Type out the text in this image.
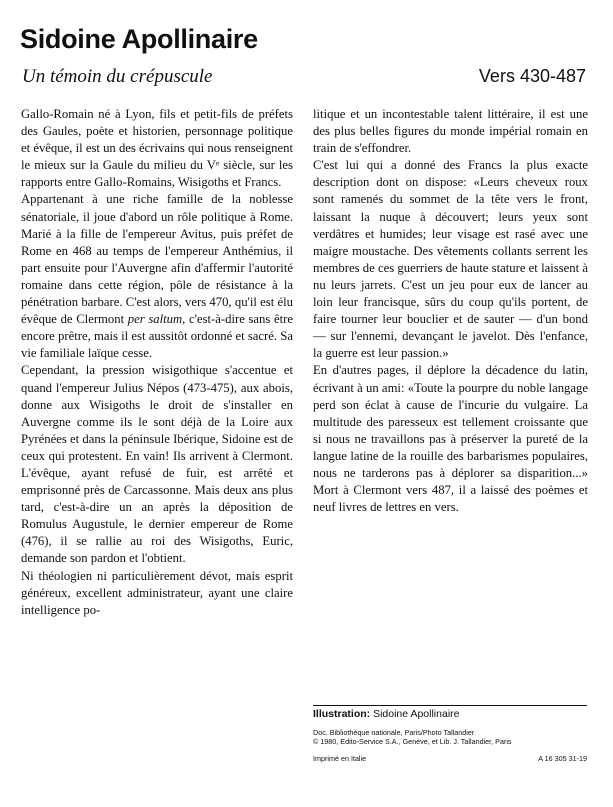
Sidoine Apollinaire
Un témoin du crépuscule	Vers 430-487

Gallo-Romain né à Lyon, fils et petit-fils de préfets des Gaules, poète et historien, personnage politique et évêque, il est un des écrivains qui nous renseignent le mieux sur la Gaule du milieu du Vᵉ siècle, sur les rapports entre Gallo-Romains, Wisigoths et Francs.

Appartenant à une riche famille de la noblesse sénatoriale, il joue d'abord un rôle politique à Rome. Marié à la fille de l'empereur Avitus, puis préfet de Rome en 468 au temps de l'empereur Anthémius, il part ensuite pour l'Auvergne afin d'affermir l'autorité romaine dans cette région, pôle de résistance à la pénétration barbare. C'est alors, vers 470, qu'il est élu évêque de Clermont per saltum, c'est-à-dire sans être encore prêtre, mais il est aussitôt ordonné et sacré. Sa vie familiale laïque cesse.

Cependant, la pression wisigothique s'accentue et quand l'empereur Julius Népos (473-475), aux abois, donne aux Wisigoths le droit de s'installer en Auvergne comme ils le sont déjà de la Loire aux Pyrénées et dans la péninsule Ibérique, Sidoine est de ceux qui protestent. En vain! Ils arrivent à Clermont. L'évêque, ayant refusé de fuir, est arrêté et emprisonné près de Carcassonne. Mais deux ans plus tard, c'est-à-dire un an après la déposition de Romulus Augustule, le dernier empereur de Rome (476), il se rallie au roi des Wisigoths, Euric, demande son pardon et l'obtient.

Ni théologien ni particulièrement dévot, mais esprit généreux, excellent administrateur, ayant une claire intelligence po-

litique et un incontestable talent littéraire, il est une des plus belles figures du monde impérial romain en train de s'effondrer.

C'est lui qui a donné des Francs la plus exacte description dont on dispose: «Leurs cheveux roux sont ramenés du sommet de la tête vers le front, laissant la nuque à découvert; leurs yeux sont verdâtres et humides; leur visage est rasé avec une maigre moustache. Des vêtements collants serrent les membres de ces guerriers de haute stature et laissent à nu leurs jarrets. C'est un jeu pour eux de lancer au loin leur francisque, sûrs du coup qu'ils portent, de faire tourner leur bouclier et de sauter — d'un bond — sur l'ennemi, devançant le javelot. Dès l'enfance, la guerre est leur passion.»

En d'autres pages, il déplore la décadence du latin, écrivant à un ami: «Toute la pourpre du noble langage perd son éclat à cause de l'incurie du vulgaire. La multitude des paresseux est tellement croissante que si nous ne travaillons pas à préserver la pureté de la langue latine de la rouille des barbarismes populaires, nous ne tarderons pas à déplorer sa disparition...» Mort à Clermont vers 487, il a laissé des poèmes et neuf livres de lettres en vers.

Illustration: Sidoine Apollinaire
Doc. Bibliothèque nationale, Paris/Photo Tallandier
© 1980, Edito-Service S.A., Genève, et Lib. J. Tallandier, Paris
Imprimé en Italie	A 16 305 31-19
